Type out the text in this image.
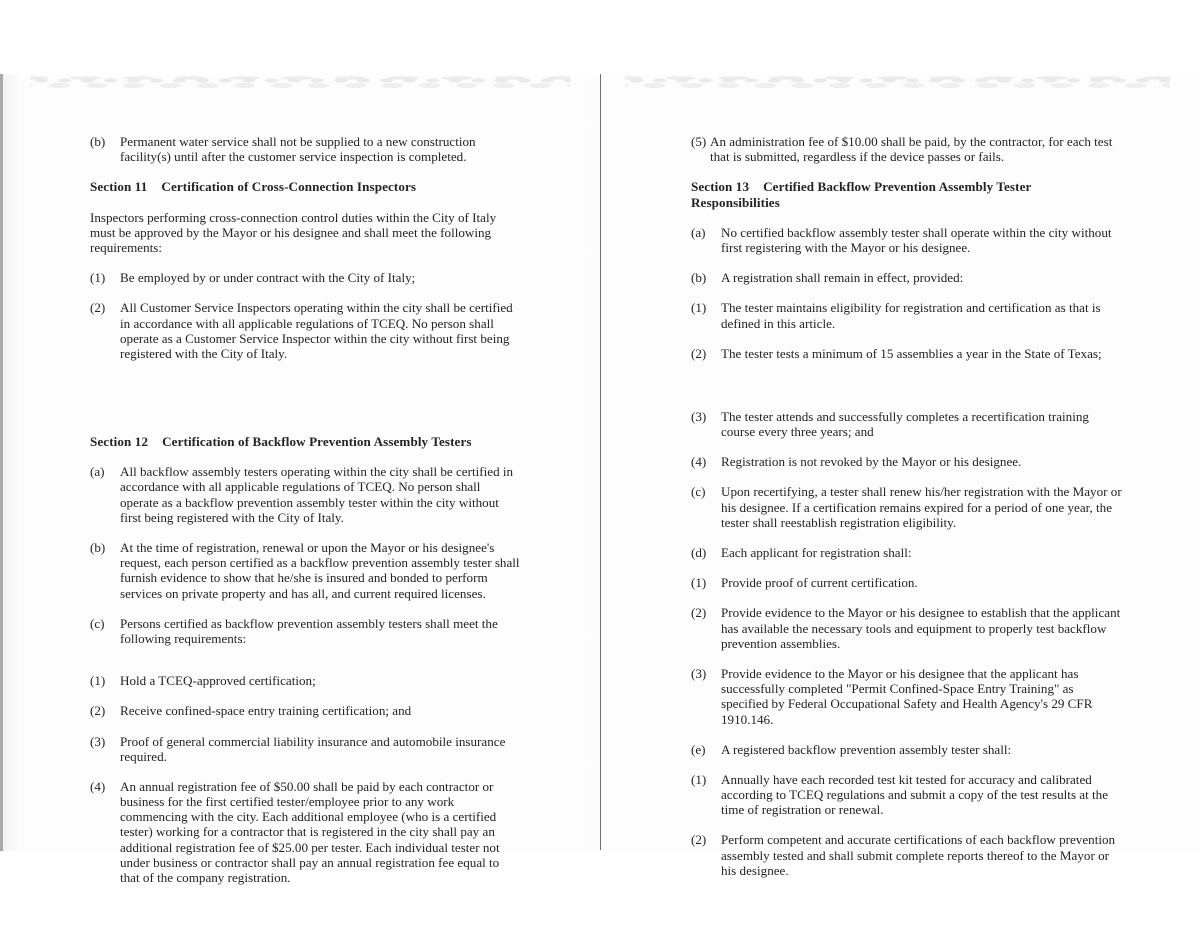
(b)	Permanent water service shall not be supplied to a new construction facility(s) until after the customer service inspection is completed.
Section 11 Certification of Cross-Connection Inspectors
Inspectors performing cross-connection control duties within the City of Italy must be approved by the Mayor or his designee and shall meet the following requirements:
(1)	Be employed by or under contract with the City of Italy;
(2)	All Customer Service Inspectors operating within the city shall be certified in accordance with all applicable regulations of TCEQ. No person shall operate as a Customer Service Inspector within the city without first being registered with the City of Italy.
Section 12 Certification of Backflow Prevention Assembly Testers
(a)	All backflow assembly testers operating within the city shall be certified in accordance with all applicable regulations of TCEQ. No person shall operate as a backflow prevention assembly tester within the city without first being registered with the City of Italy.
(b)	At the time of registration, renewal or upon the Mayor or his designee's request, each person certified as a backflow prevention assembly tester shall furnish evidence to show that he/she is insured and bonded to perform services on private property and has all, and current required licenses.
(c)	Persons certified as backflow prevention assembly testers shall meet the following requirements:
(1)	Hold a TCEQ-approved certification;
(2)	Receive confined-space entry training certification; and
(3)	Proof of general commercial liability insurance and automobile insurance required.
(4)	An annual registration fee of $50.00 shall be paid by each contractor or business for the first certified tester/employee prior to any work commencing with the city. Each additional employee (who is a certified tester) working for a contractor that is registered in the city shall pay an additional registration fee of $25.00 per tester. Each individual tester not under business or contractor shall pay an annual registration fee equal to that of the company registration.
(5) An administration fee of $10.00 shall be paid, by the contractor, for each test that is submitted, regardless if the device passes or fails.
Section 13 Certified Backflow Prevention Assembly Tester Responsibilities
(a)	No certified backflow assembly tester shall operate within the city without first registering with the Mayor or his designee.
(b)	A registration shall remain in effect, provided:
(1)	The tester maintains eligibility for registration and certification as that is defined in this article.
(2)	The tester tests a minimum of 15 assemblies a year in the State of Texas;
(3)	The tester attends and successfully completes a recertification training course every three years; and
(4)	Registration is not revoked by the Mayor or his designee.
(c)	Upon recertifying, a tester shall renew his/her registration with the Mayor or his designee. If a certification remains expired for a period of one year, the tester shall reestablish registration eligibility.
(d)	Each applicant for registration shall:
(1)	Provide proof of current certification.
(2)	Provide evidence to the Mayor or his designee to establish that the applicant has available the necessary tools and equipment to properly test backflow prevention assemblies.
(3)	Provide evidence to the Mayor or his designee that the applicant has successfully completed "Permit Confined-Space Entry Training" as specified by Federal Occupational Safety and Health Agency's 29 CFR 1910.146.
(e)	A registered backflow prevention assembly tester shall:
(1)	Annually have each recorded test kit tested for accuracy and calibrated according to TCEQ regulations and submit a copy of the test results at the time of registration or renewal.
(2)	Perform competent and accurate certifications of each backflow prevention assembly tested and shall submit complete reports thereof to the Mayor or his designee.
